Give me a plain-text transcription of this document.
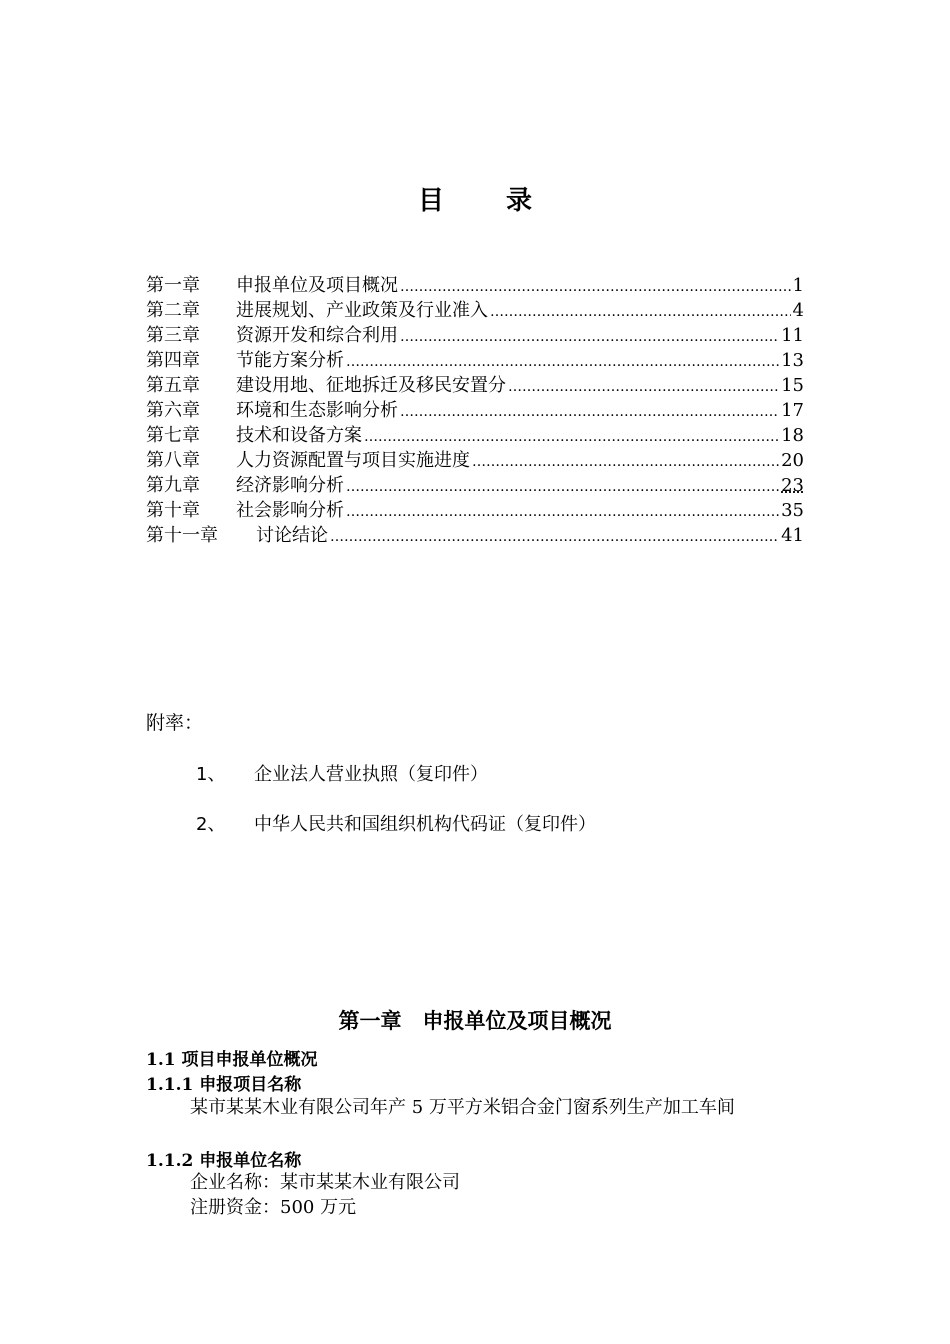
目录
第一章	申报单位及项目概况 ……………………………………………………………………………………………………	1
第二章	进展规划、产业政策及行业准入 ……………………………………………………………………………………………………	4
第三章	资源开发和综合利用 ……………………………………………………………………………………………………	11
第四章	节能方案分析 ……………………………………………………………………………………………………	13
第五章	建设用地、征地拆迁及移民安置分 ……………………………………………………………………………………………………	15
第六章	环境和生态影响分析 ……………………………………………………………………………………………………	17
第七章	技术和设备方案 ……………………………………………………………………………………………………	18
第八章	人力资源配置与项目实施进度 ……………………………………………………………………………………………………	20
第九章	经济影响分析 ……………………………………………………………………………………………………	23
第十章	社会影响分析 ……………………………………………………………………………………………………	35
第十一章	讨论结论 ……………………………………………………………………………………………………	41
附率：
1、	企业法人营业执照（复印件）
2、	中华人民共和国组织机构代码证（复印件）
第一章　申报单位及项目概况
1.1 项目申报单位概况
1.1.1 申报项目名称
某市某某木业有限公司年产 5 万平方米铝合金门窗系列生产加工车间
1.1.2 申报单位名称
企业名称：某市某某木业有限公司
注册资金：500 万元
